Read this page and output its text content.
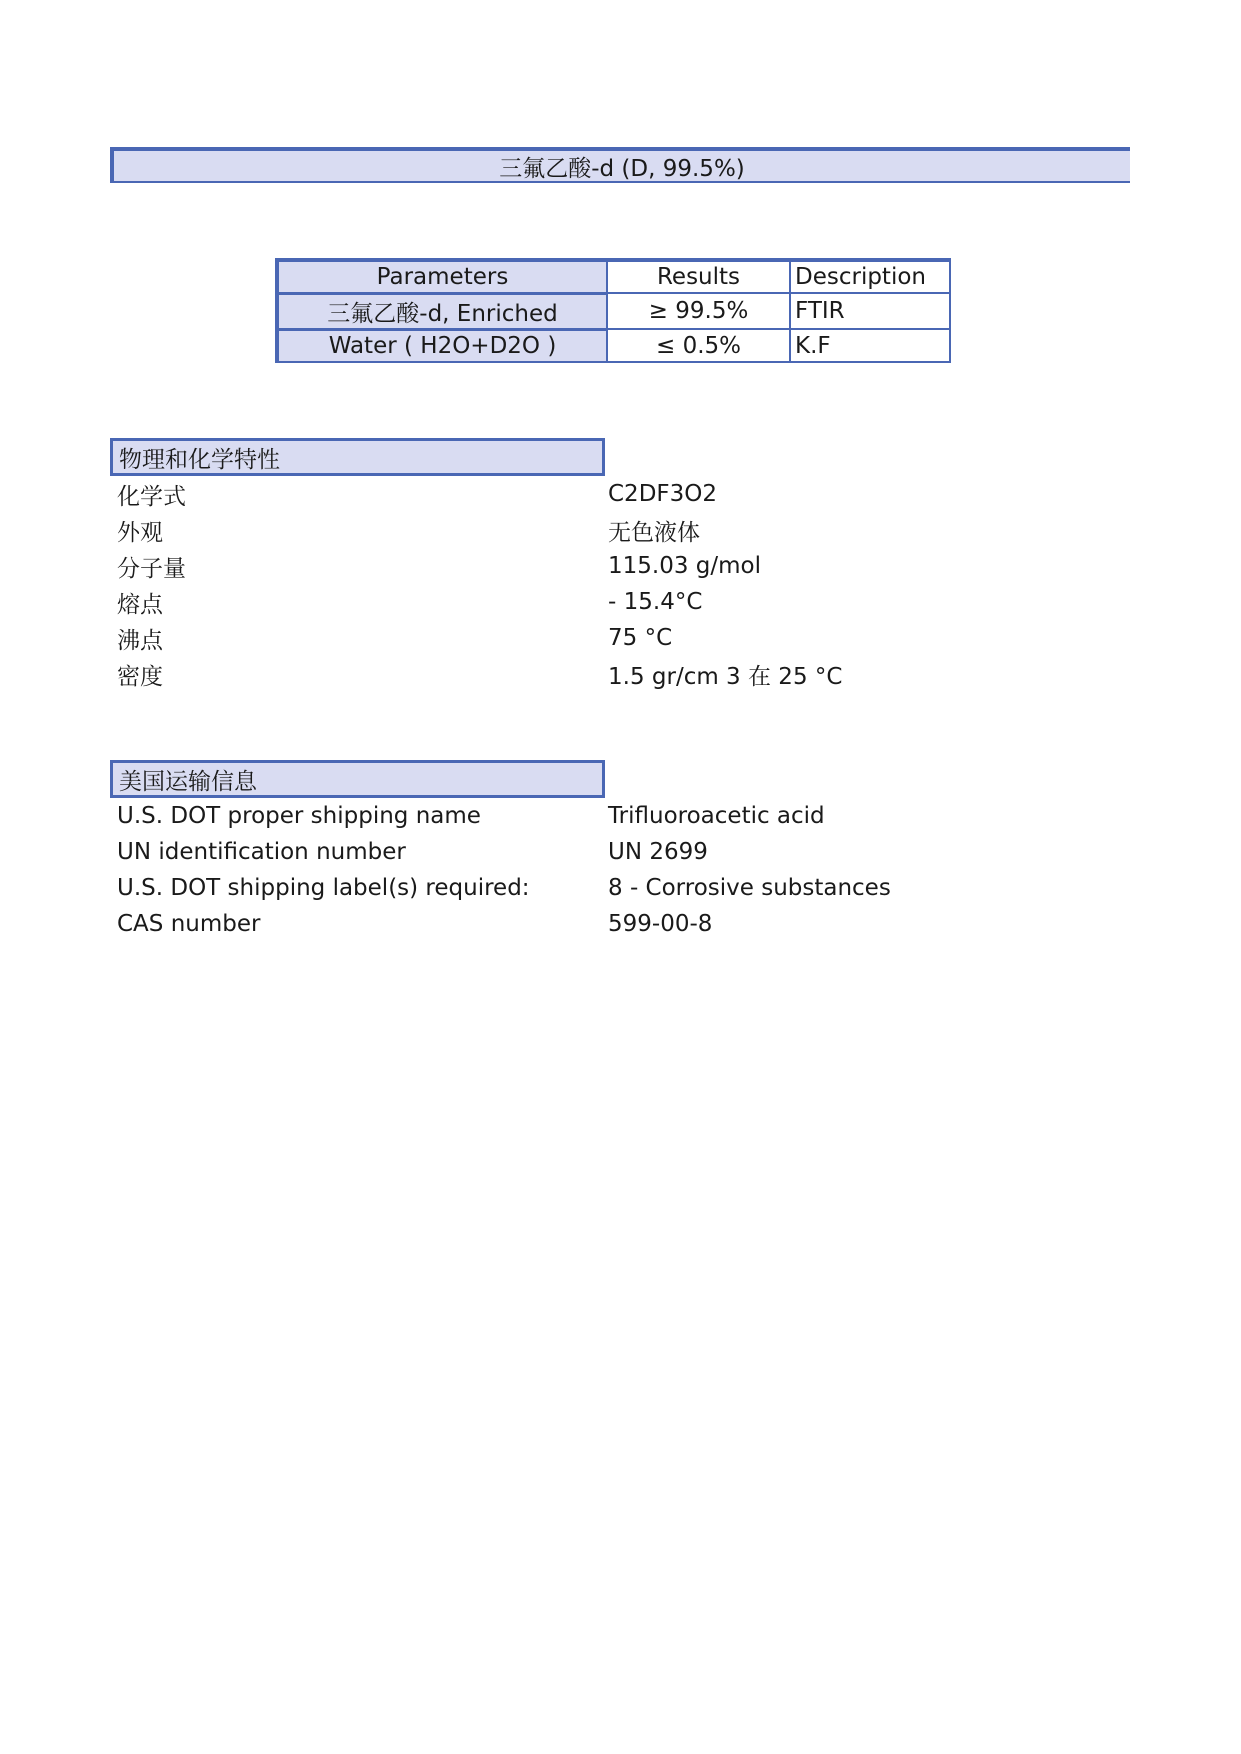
三氟乙酸-d (D, 99.5%)
Parameters	Results	Description
三氟乙酸-d, Enriched	≥ 99.5%	FTIR
Water ( H2O+D2O )	≤ 0.5%	K.F
物理和化学特性
化学式	C2DF3O2
外观	无色液体
分子量	115.03 g/mol
熔点	- 15.4°C
沸点	75 °C
密度	1.5 gr/cm 3 在 25 °C
美国运输信息
U.S. DOT proper shipping name	Trifluoroacetic acid
UN identification number	UN 2699
U.S. DOT shipping label(s) required:	8 - Corrosive substances
CAS number	599-00-8
